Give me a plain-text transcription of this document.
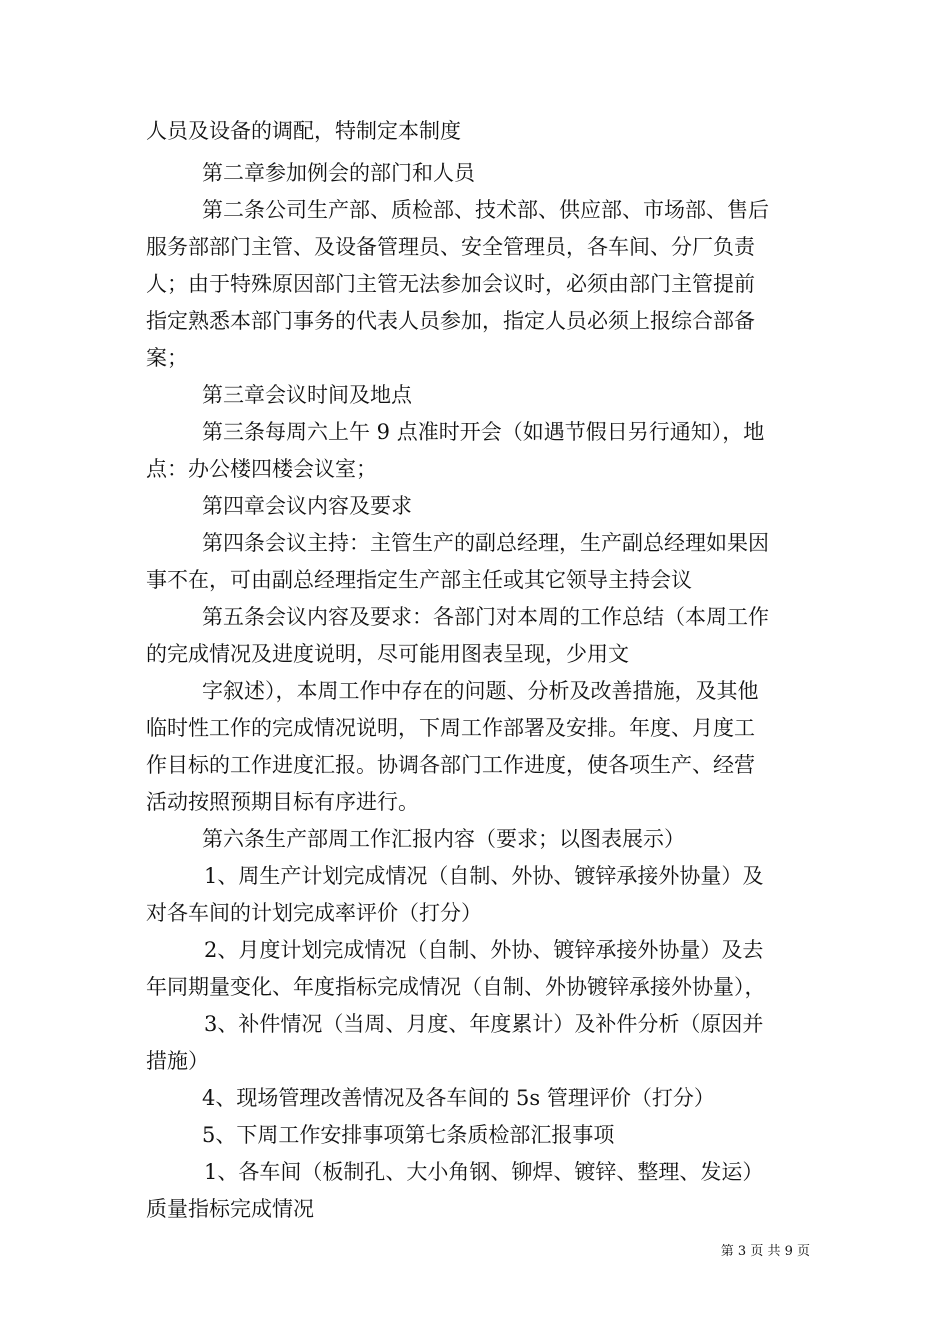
人员及设备的调配，特制定本制度
第二章参加例会的部门和人员
第二条公司生产部、质检部、技术部、供应部、市场部、售后
服务部部门主管、及设备管理员、安全管理员，各车间、分厂负责
人；由于特殊原因部门主管无法参加会议时，必须由部门主管提前
指定熟悉本部门事务的代表人员参加，指定人员必须上报综合部备
案；
第三章会议时间及地点
第三条每周六上午 9 点准时开会（如遇节假日另行通知），地
点：办公楼四楼会议室；
第四章会议内容及要求
第四条会议主持：主管生产的副总经理，生产副总经理如果因
事不在，可由副总经理指定生产部主任或其它领导主持会议
第五条会议内容及要求：各部门对本周的工作总结（本周工作
的完成情况及进度说明，尽可能用图表呈现，少用文
字叙述），本周工作中存在的问题、分析及改善措施，及其他
临时性工作的完成情况说明，下周工作部署及安排。年度、月度工
作目标的工作进度汇报。协调各部门工作进度，使各项生产、经营
活动按照预期目标有序进行。
第六条生产部周工作汇报内容（要求；以图表展示）
1、周生产计划完成情况（自制、外协、镀锌承接外协量）及
对各车间的计划完成率评价（打分）
2、月度计划完成情况（自制、外协、镀锌承接外协量）及去
年同期量变化、年度指标完成情况（自制、外协镀锌承接外协量），
3、补件情况（当周、月度、年度累计）及补件分析（原因并
措施）
4、现场管理改善情况及各车间的 5s 管理评价（打分）
5、下周工作安排事项第七条质检部汇报事项
1、各车间（板制孔、大小角钢、铆焊、镀锌、整理、发运）
质量指标完成情况
第 3 页 共 9 页
